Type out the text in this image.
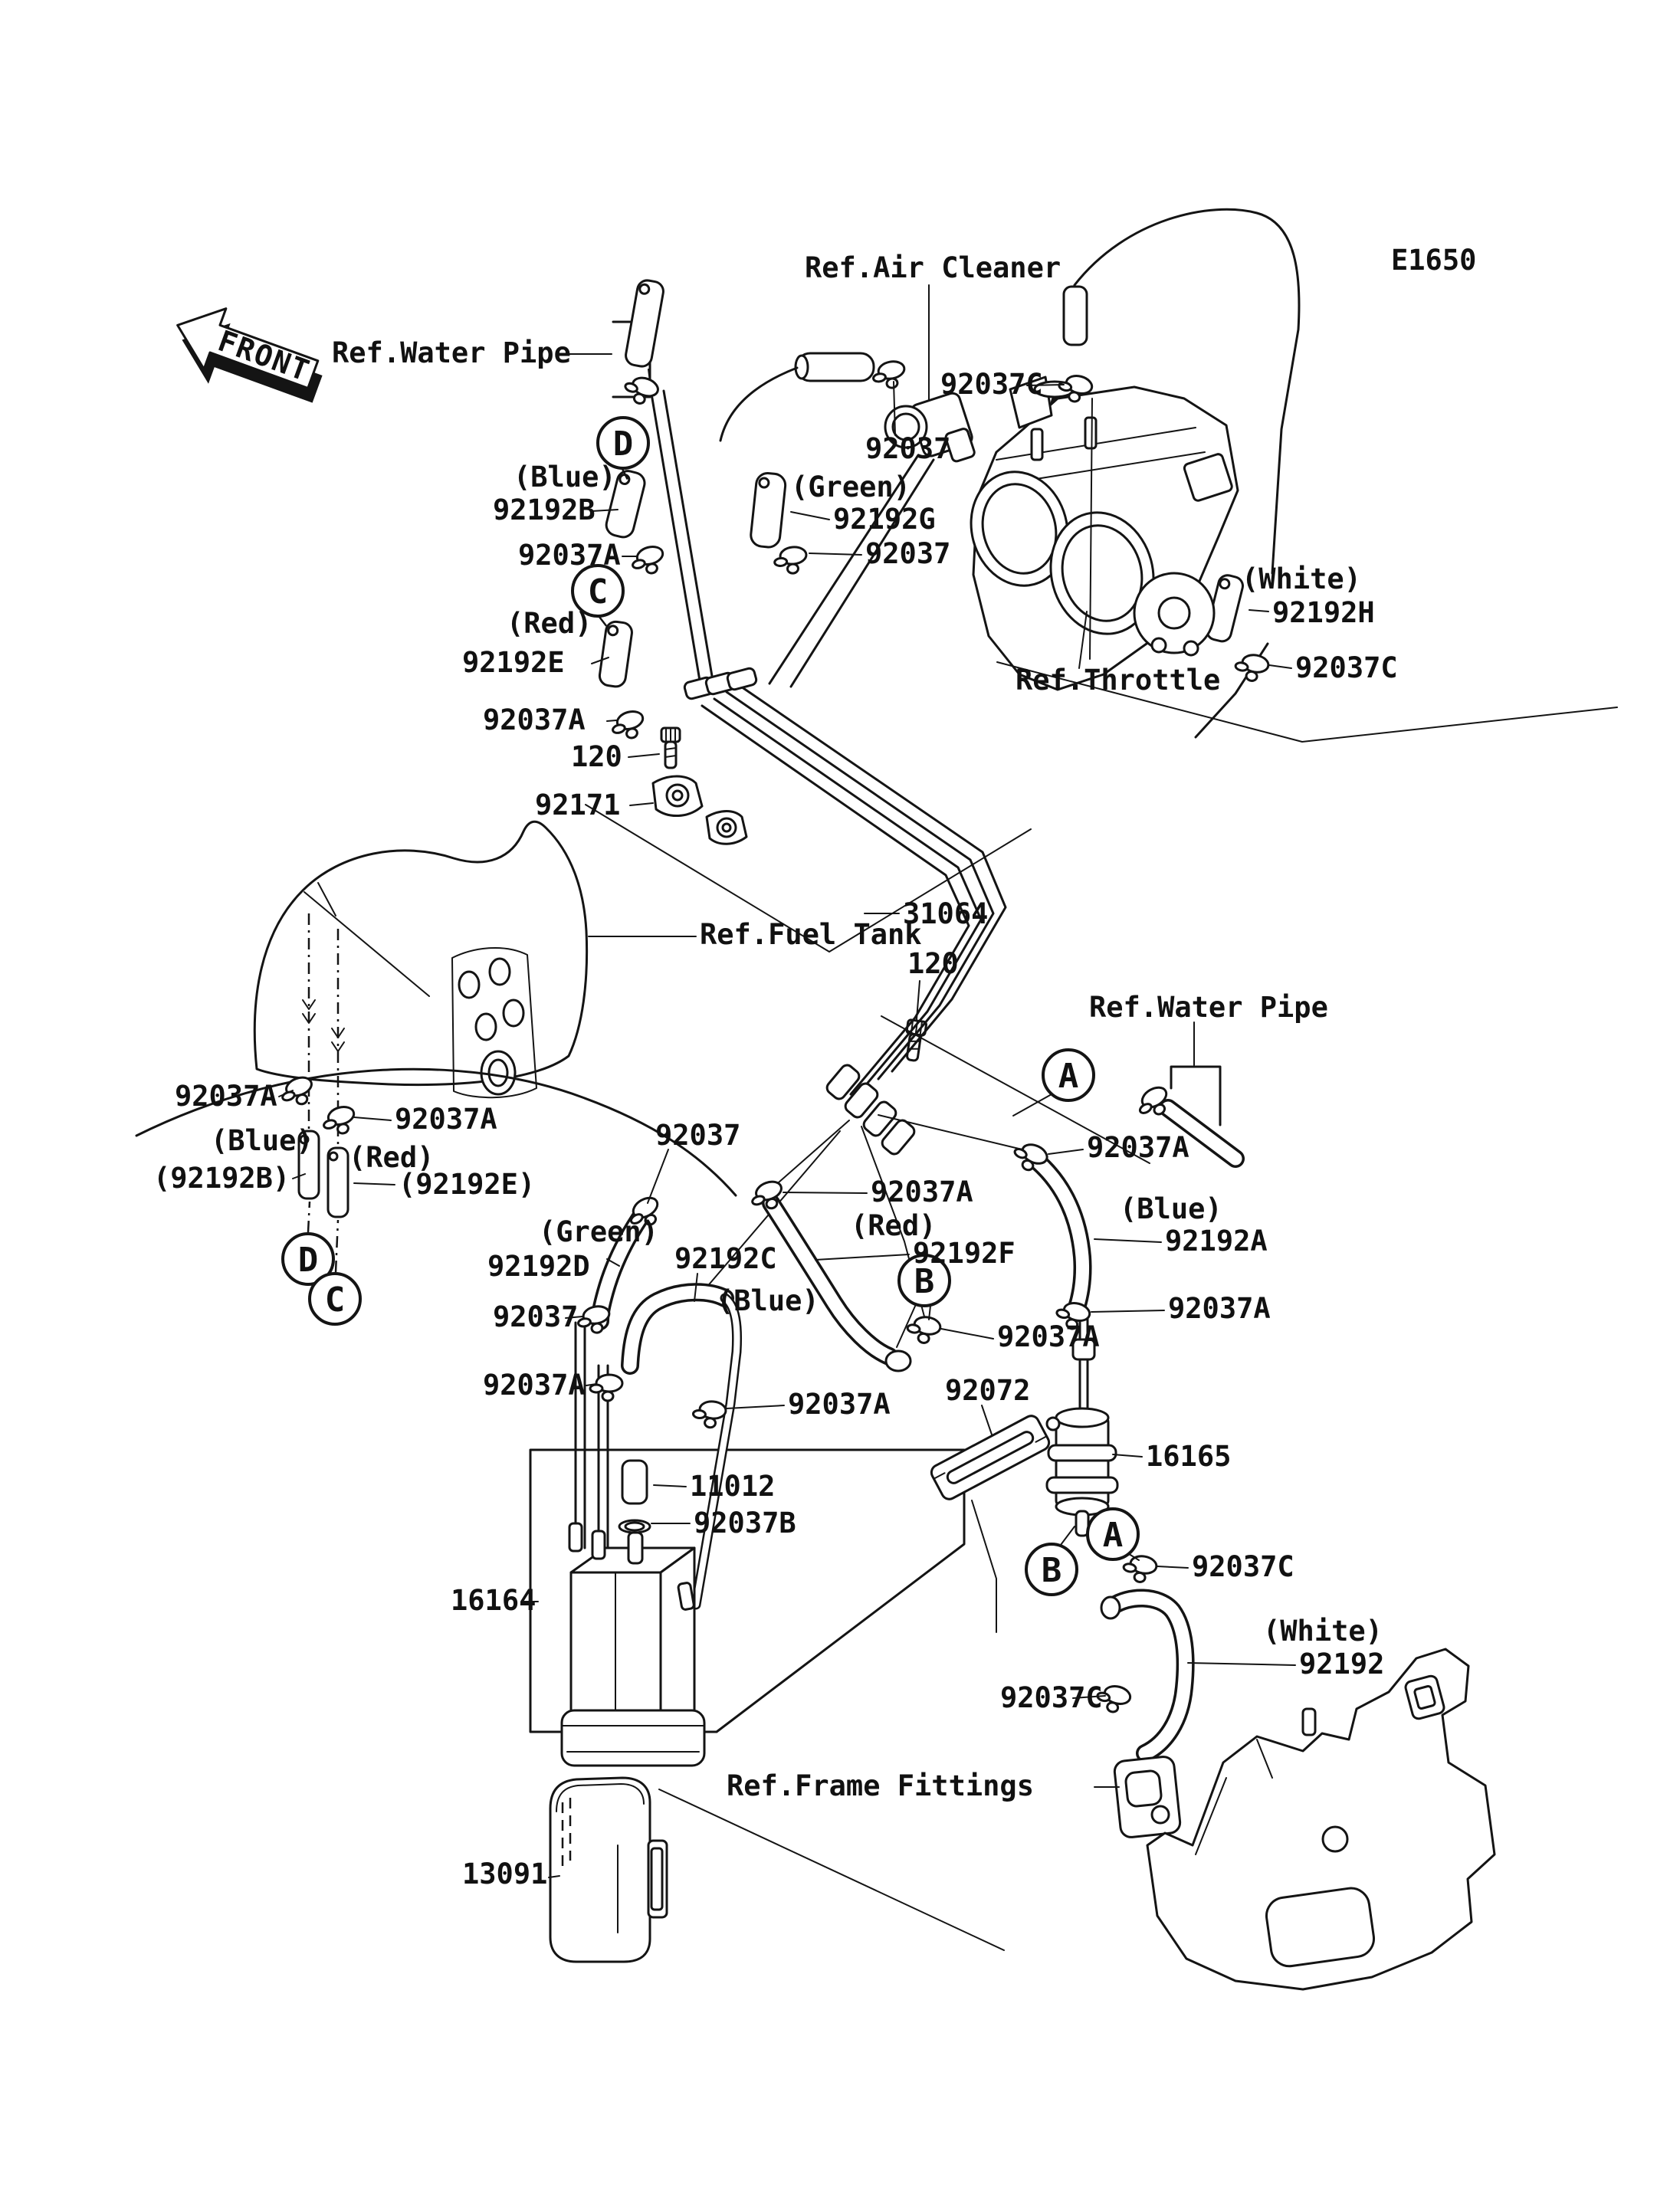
FRONT
D
C
D
C
A
B
A
B
Ref.Air Cleaner	E1650
Ref.Water Pipe
92037C
92037
(Green)
92192G
92037
(Blue)
92192B
92037A
(Red)
92192E
92037A
120
92171
(White)
92192H
92037C
Ref.Throttle
Ref.Fuel Tank
31064
120
Ref.Water Pipe
92037A
92037A
(Blue)
(92192B)
(Red)
(92192E)
92037
92037A
92037A
(Blue)
92192A
(Green)
92192D	92192C
(Red)
92192F
(Blue)
92037	92037A
92037A
92037A
92037A 92072
11012
92037B
16165
16164
92037C
(White)
92192
92037C
Ref.Frame Fittings
13091
